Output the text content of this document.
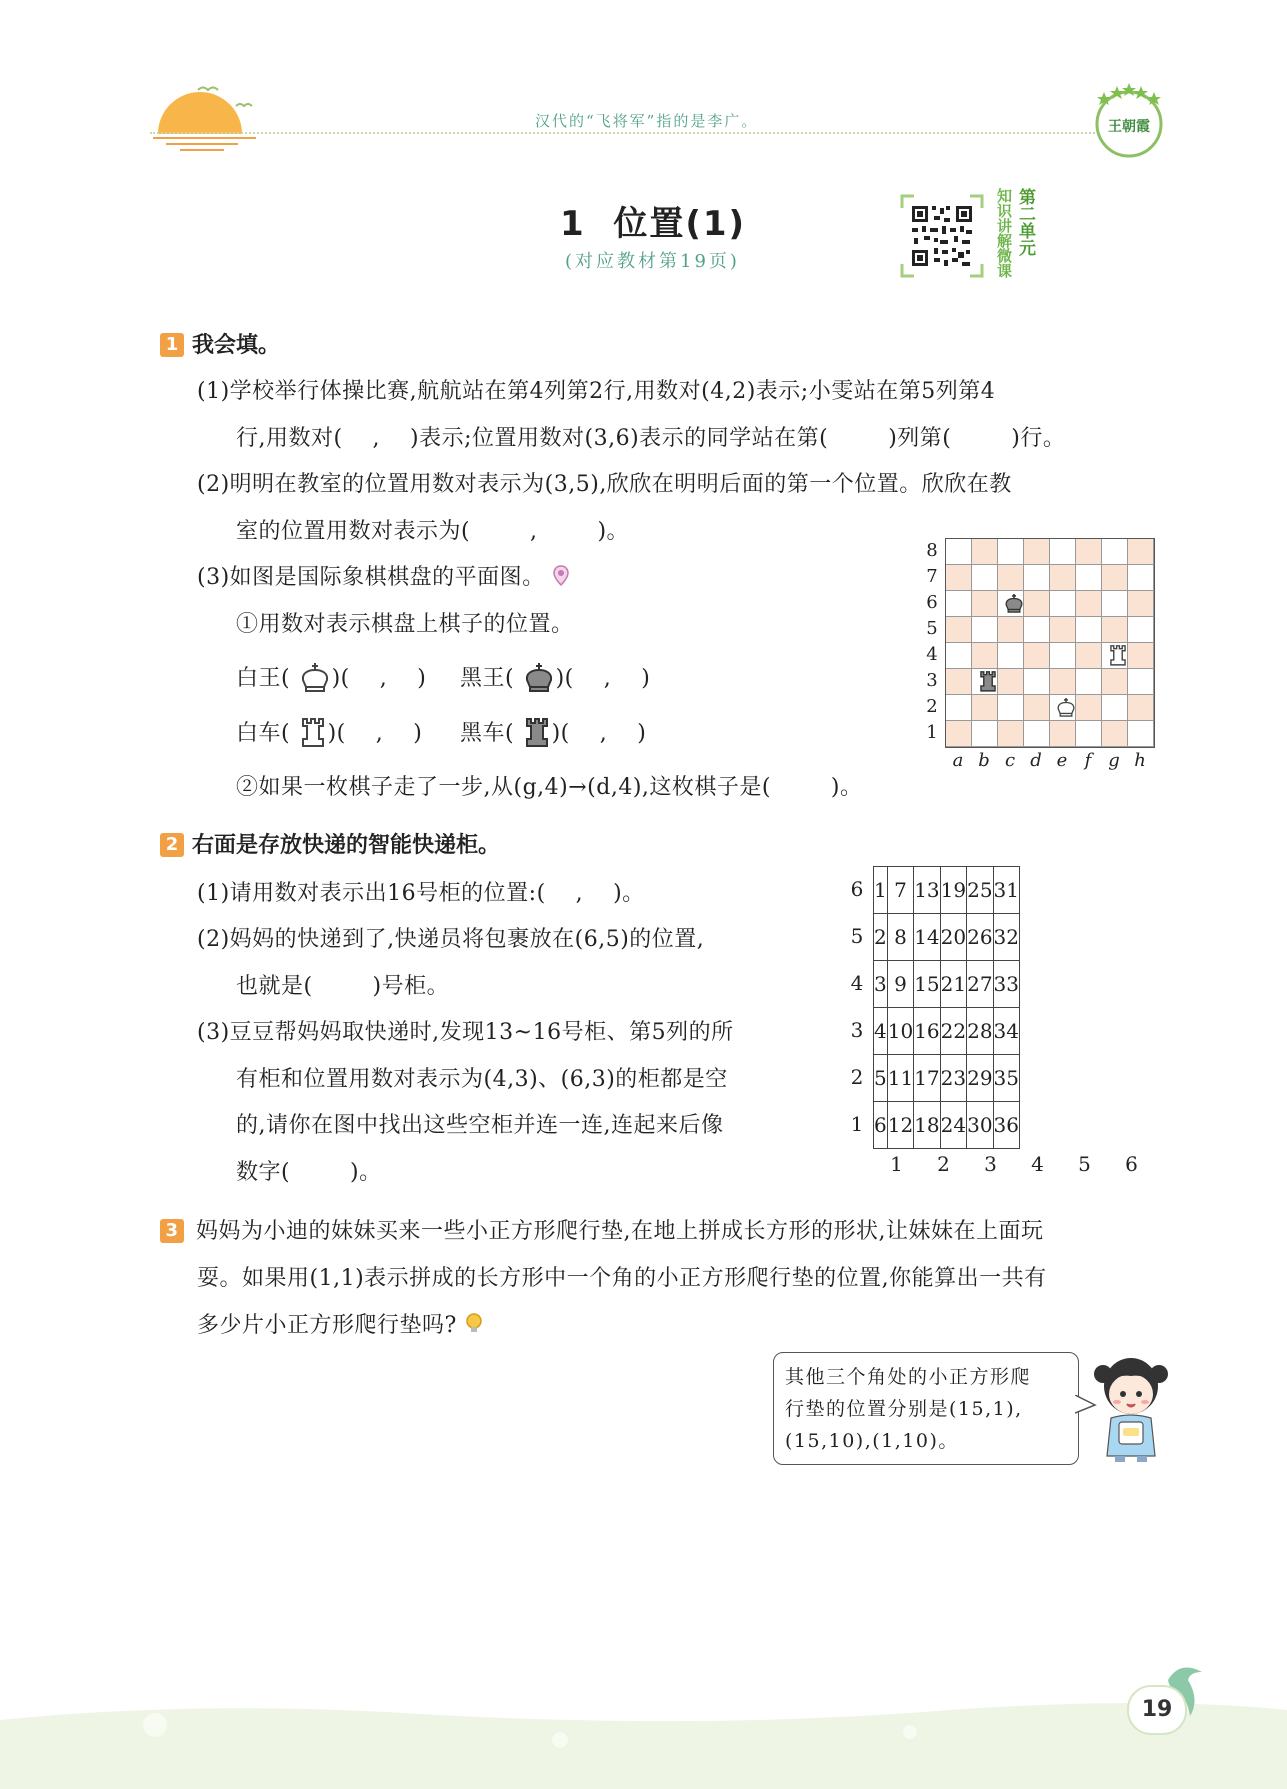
汉代的“飞将军”指的是李广。	王朝霞
1  位置(1)
(对应教材第19页)	知识讲解微课 第二单元
1 我会填。
(1)学校举行体操比赛,航航站在第4列第2行,用数对(4,2)表示;小雯站在第5列第4
行,用数对(    ,    )表示;位置用数对(3,6)表示的同学站在第(        )列第(        )行。
(2)明明在教室的位置用数对表示为(3,5),欣欣在明明后面的第一个位置。欣欣在教
室的位置用数对表示为(        ,        )。
(3)如图是国际象棋棋盘的平面图。
①用数对表示棋盘上棋子的位置。
白王( )(    ,    ) 黑王( )(    ,    )
白车( )(    ,    ) 黑车( )(    ,    )
②如果一枚棋子走了一步,从(g,4)→(d,4),这枚棋子是(        )。
8
7
6
5
4
3
2
1
a b c d e f g h
2 右面是存放快递的智能快递柜。
(1)请用数对表示出16号柜的位置:(    ,    )。
(2)妈妈的快递到了,快递员将包裹放在(6,5)的位置,
也就是(        )号柜。
(3)豆豆帮妈妈取快递时,发现13~16号柜、第5列的所
有柜和位置用数对表示为(4,3)、(6,3)的柜都是空
的,请你在图中找出这些空柜并连一连,连起来后像
数字(        )。
6
5
4
3
2
1
1	7	13	19	25	31
2	8	14	20	26	32
3	9	15	21	27	33
4	10	16	22	28	34
5	11	17	23	29	35
6	12	18	24	30	36
1	2	3	4	5	6
3 妈妈为小迪的妹妹买来一些小正方形爬行垫,在地上拼成长方形的形状,让妹妹在上面玩
耍。如果用(1,1)表示拼成的长方形中一个角的小正方形爬行垫的位置,你能算出一共有
多少片小正方形爬行垫吗?
其他三个角处的小正方形爬
行垫的位置分别是(15,1),
(15,10),(1,10)。
19
